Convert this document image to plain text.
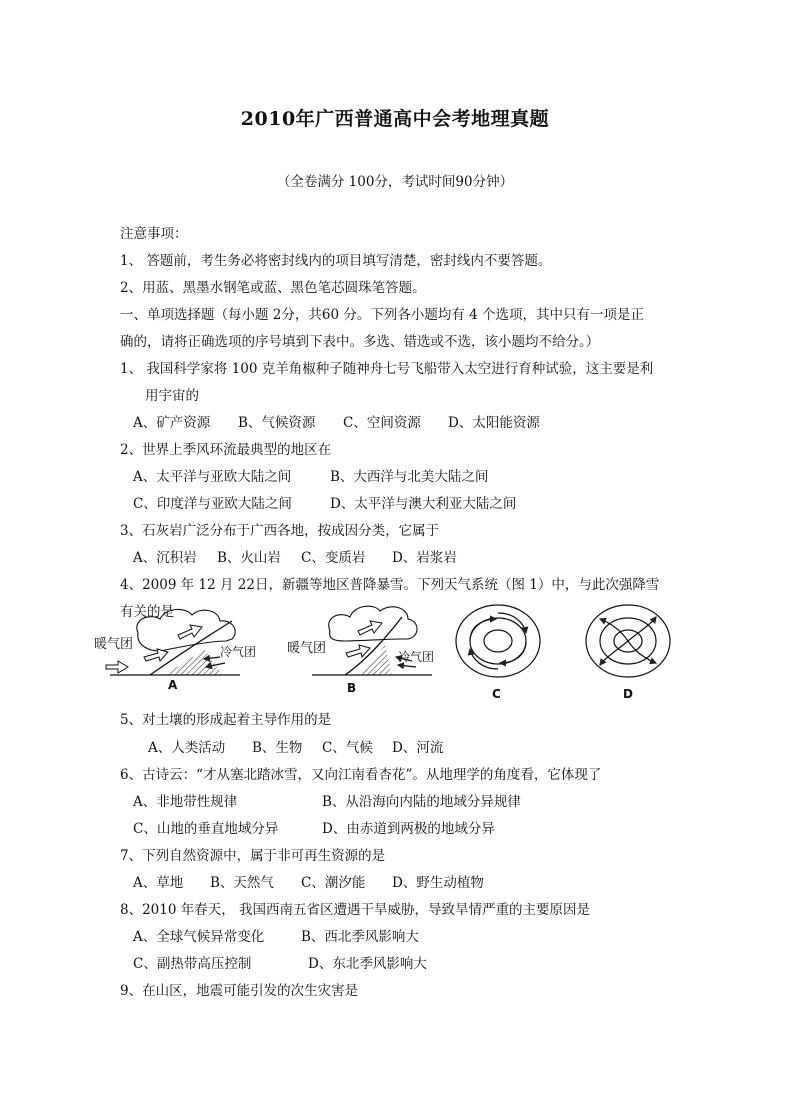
2010年广西普通高中会考地理真题
（全卷满分 100分，考试时间90分钟）
注意事项：
1、 答题前，考生务必将密封线内的项目填写清楚，密封线内不要答题。
2、用蓝、黑墨水钢笔或蓝、黑色笔芯圆珠笔答题。
一、单项选择题（每小题 2分，共60 分。下列各小题均有 4 个选项，其中只有一项是正
确的，请将正确选项的序号填到下表中。多选、错选或不选，该小题均不给分。）
1、 我国科学家将 100 克羊角椒种子随神舟七号飞船带入太空进行育种试验，这主要是利
用宇宙的
A、矿产资源 B、气候资源 C、空间资源 D、太阳能资源
2、世界上季风环流最典型的地区在
A、太平洋与亚欧大陆之间	B、大西洋与北美大陆之间
C、印度洋与亚欧大陆之间	D、太平洋与澳大利亚大陆之间
3、石灰岩广泛分布于广西各地，按成因分类，它属于
A、沉积岩 B、火山岩 C、变质岩 D、岩浆岩
4、2009 年 12 月 22日，新疆等地区普降暴雪。下列天气系统（图 1）中，与此次强降雪
有关的是
暖气团	冷气团 暖气团
冷气团
A	B	C	D
5、对土壤的形成起着主导作用的是
A、人类活动 B、生物 C、气候 D、河流
6、古诗云：“才从塞北踏冰雪，又向江南看杏花”。从地理学的角度看，它体现了
A、非地带性规律	B、从沿海向内陆的地域分异规律
C、山地的垂直地域分异	D、由赤道到两极的地域分异
7、下列自然资源中，属于非可再生资源的是
A、草地 B、天然气 C、潮汐能 D、野生动植物
8、2010 年春天， 我国西南五省区遭遇干旱威胁，导致旱情严重的主要原因是
A、全球气候异常变化	B、西北季风影响大
C、副热带高压控制	D、东北季风影响大
9、在山区，地震可能引发的次生灾害是
